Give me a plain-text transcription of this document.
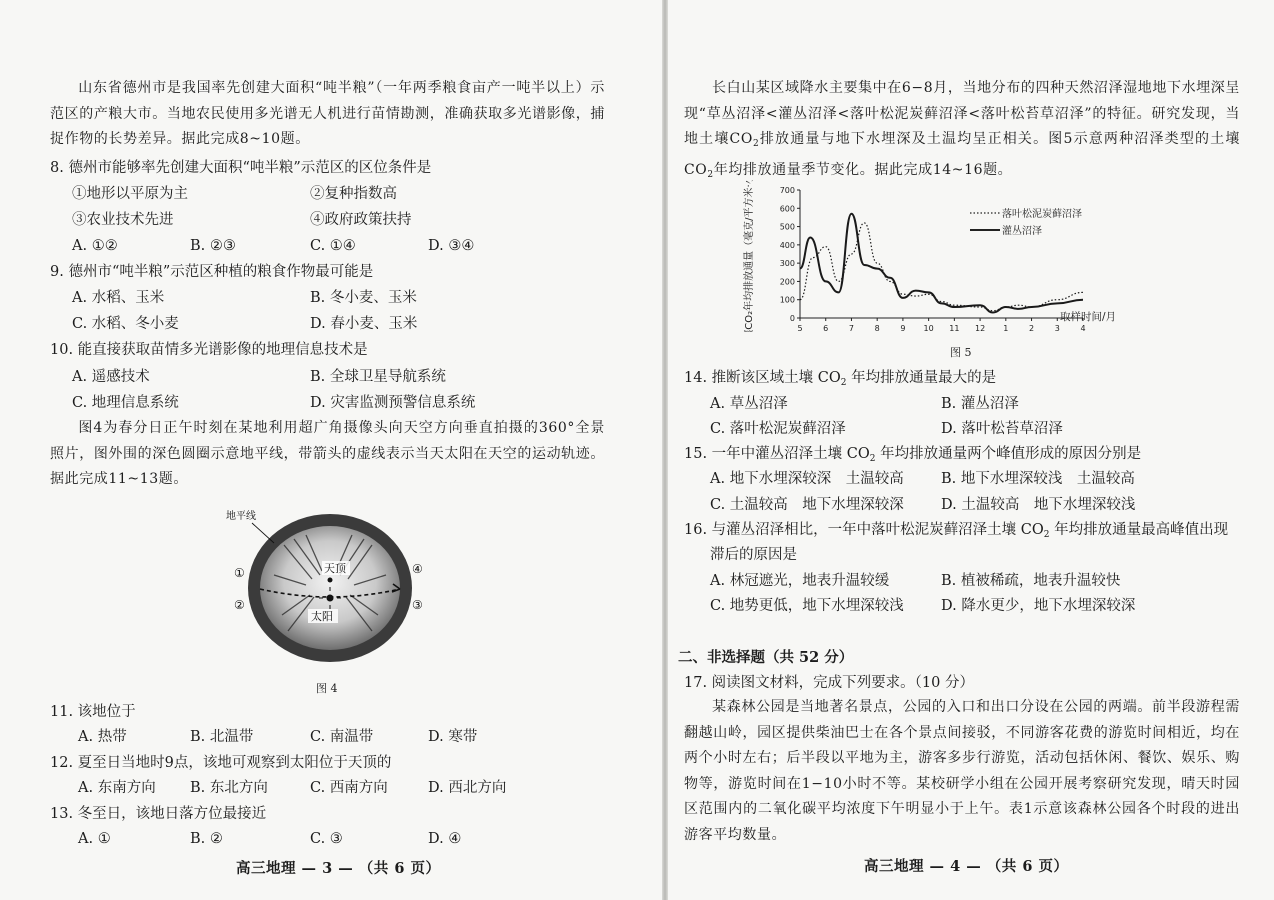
山东省德州市是我国率先创建大面积“吨半粮”（一年两季粮食亩产一吨半以上）示范区的产粮大市。当地农民使用多光谱无人机进行苗情勘测，准确获取多光谱影像，捕捉作物的长势差异。据此完成8~10题。
8. 德州市能够率先创建大面积“吨半粮”示范区的区位条件是
①地形以平原为主	②复种指数高
③农业技术先进	④政府政策扶持
A. ①②	B. ②③	C. ①④	D. ③④
9. 德州市“吨半粮”示范区种植的粮食作物最可能是
A. 水稻、玉米	B. 冬小麦、玉米
C. 水稻、冬小麦	D. 春小麦、玉米
10. 能直接获取苗情多光谱影像的地理信息技术是
A. 遥感技术	B. 全球卫星导航系统
C. 地理信息系统	D. 灾害监测预警信息系统
图4为春分日正午时刻在某地利用超广角摄像头向天空方向垂直拍摄的360°全景照片，图外围的深色圆圈示意地平线，带箭头的虚线表示当天太阳在天空的运动轨迹。据此完成11~13题。
天顶
太阳
地平线
①
②	③
④
图 4
11. 该地位于
A. 热带	B. 北温带	C. 南温带	D. 寒带
12. 夏至日当地时9点，该地可观察到太阳位于天顶的
A. 东南方向 B. 东北方向	C. 西南方向	D. 西北方向
13. 冬至日，该地日落方位最接近
A. ①	B. ②	C. ③	D. ④
高三地理 — 3 — （共 6 页）
长白山某区域降水主要集中在6−8月，当地分布的四种天然沼泽湿地地下水埋深呈现“草丛沼泽<灌丛沼泽<落叶松泥炭藓沼泽<落叶松苔草沼泽”的特征。研究发现，当地土壤$CO_2$排放通量与地下水埋深及土温均呈正相关。图5示意两种沼泽类型的土壤$CO_2$年均排放通量季节变化。据此完成14~16题。
土壤CO₂年均排放通量（毫克/平方米·小时）	0
100
200
300
400
500
600
700
5	6	7	8	9 10 11 12 1	2	3	4
落叶松泥炭藓沼泽
灌丛沼泽
取样时间/月
图 5
14. 推断该区域土壤 $CO_2$ 年均排放通量最大的是
A. 草丛沼泽	B. 灌丛沼泽
C. 落叶松泥炭藓沼泽	D. 落叶松苔草沼泽
15. 一年中灌丛沼泽土壤 $CO_2$ 年均排放通量两个峰值形成的原因分别是
A. 地下水埋深较深　土温较高	B. 地下水埋深较浅　土温较高
C. 土温较高　地下水埋深较深	D. 土温较高　地下水埋深较浅
16. 与灌丛沼泽相比，一年中落叶松泥炭藓沼泽土壤 $CO_2$ 年均排放通量最高峰值出现
滞后的原因是
A. 林冠遮光，地表升温较缓	B. 植被稀疏，地表升温较快
C. 地势更低，地下水埋深较浅	D. 降水更少，地下水埋深较深
二、非选择题（共 52 分）
17. 阅读图文材料，完成下列要求。（10 分）
某森林公园是当地著名景点，公园的入口和出口分设在公园的两端。前半段游程需翻越山岭，园区提供柴油巴士在各个景点间接驳，不同游客花费的游览时间相近，均在两个小时左右；后半段以平地为主，游客多步行游览，活动包括休闲、餐饮、娱乐、购物等，游览时间在1−10小时不等。某校研学小组在公园开展考察研究发现，晴天时园区范围内的二氧化碳平均浓度下午明显小于上午。表1示意该森林公园各个时段的进出游客平均数量。
高三地理 — 4 — （共 6 页）
